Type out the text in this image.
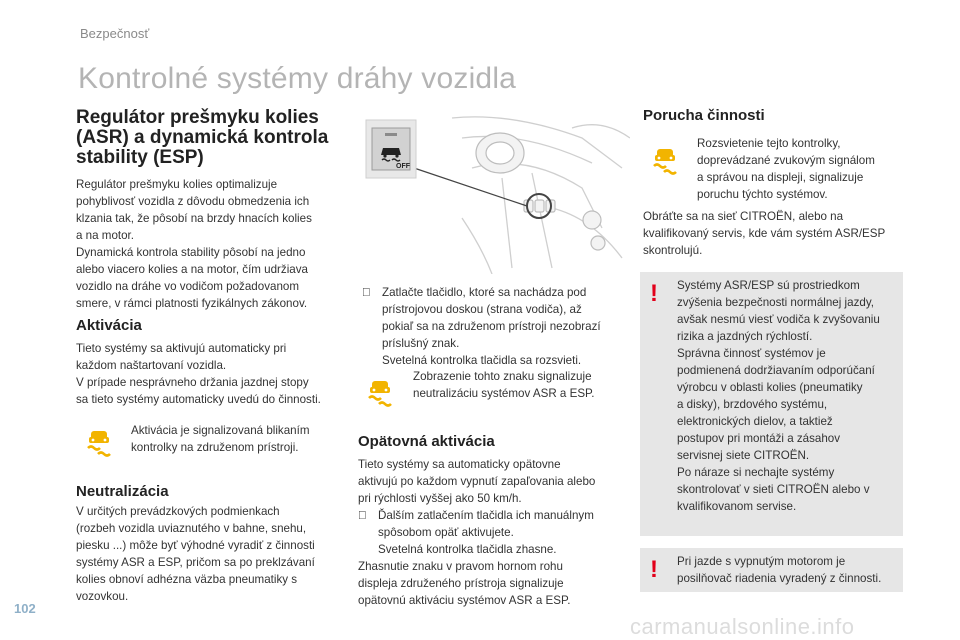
Bezpečnosť
Kontrolné systémy dráhy vozidla
Regulátor prešmyku kolies
(ASR) a dynamická kontrola
stability (ESP)
Regulátor prešmyku kolies optimalizuje
pohyblivosť vozidla z dôvodu obmedzenia ich
klzania tak, že pôsobí na brzdy hnacích kolies
a na motor.
Dynamická kontrola stability pôsobí na jedno
alebo viacero kolies a na motor, čím udržiava
vozidlo na dráhe vo vodičom požadovanom
smere, v rámci platnosti fyzikálnych zákonov.
Aktivácia
Tieto systémy sa aktivujú automaticky pri
každom naštartovaní vozidla.
V prípade nesprávneho držania jazdnej stopy
sa tieto systémy automaticky uvedú do činnosti.
Aktivácia je signalizovaná blikaním
kontrolky na združenom prístroji.
Neutralizácia
V určitých prevádzkových podmienkach
(rozbeh vozidla uviaznutého v bahne, snehu,
piesku ...) môže byť výhodné vyradiť z činnosti
systémy ASR a ESP, pričom sa po preklzávaní
kolies obnoví adhézna väzba pneumatiky s
vozovkou.
OFF
Zatlačte tlačidlo, ktoré sa nachádza pod
prístrojovou doskou (strana vodiča), až
pokiaľ sa na združenom prístroji nezobrazí
príslušný znak.
Svetelná kontrolka tlačidla sa rozsvieti.
Zobrazenie tohto znaku signalizuje
neutralizáciu systémov ASR a ESP.
Opätovná aktivácia
Tieto systémy sa automaticky opätovne
aktivujú po každom vypnutí zapaľovania alebo
pri rýchlosti vyššej ako 50 km/h.
Ďalším zatlačením tlačidla ich manuálnym
spôsobom opäť aktivujete.
Svetelná kontrolka tlačidla zhasne.
Zhasnutie znaku v pravom hornom rohu
displeja združeného prístroja signalizuje
opätovnú aktiváciu systémov ASR a ESP.
Porucha činnosti
Rozsvietenie tejto kontrolky,
doprevádzané zvukovým signálom
a správou na displeji, signalizuje
poruchu týchto systémov.
Obráťte sa na sieť CITROËN, alebo na
kvalifikovaný servis, kde vám systém ASR/ESP
skontrolujú.
! Systémy ASR/ESP sú prostriedkom
zvýšenia bezpečnosti normálnej jazdy,
avšak nesmú viesť vodiča k zvyšovaniu
rizika a jazdných rýchlostí.
Správna činnosť systémov je
podmienená dodržiavaním odporúčaní
výrobcu v oblasti kolies (pneumatiky
a disky), brzdového systému,
elektronických dielov, a taktiež
postupov pri montáži a zásahov
servisnej siete CITROËN.
Po náraze si nechajte systémy
skontrolovať v sieti CITROËN alebo v
kvalifikovanom servise.
! Pri jazde s vypnutým motorom je
posilňovač riadenia vyradený z činnosti.
102
carmanualsonline.info
